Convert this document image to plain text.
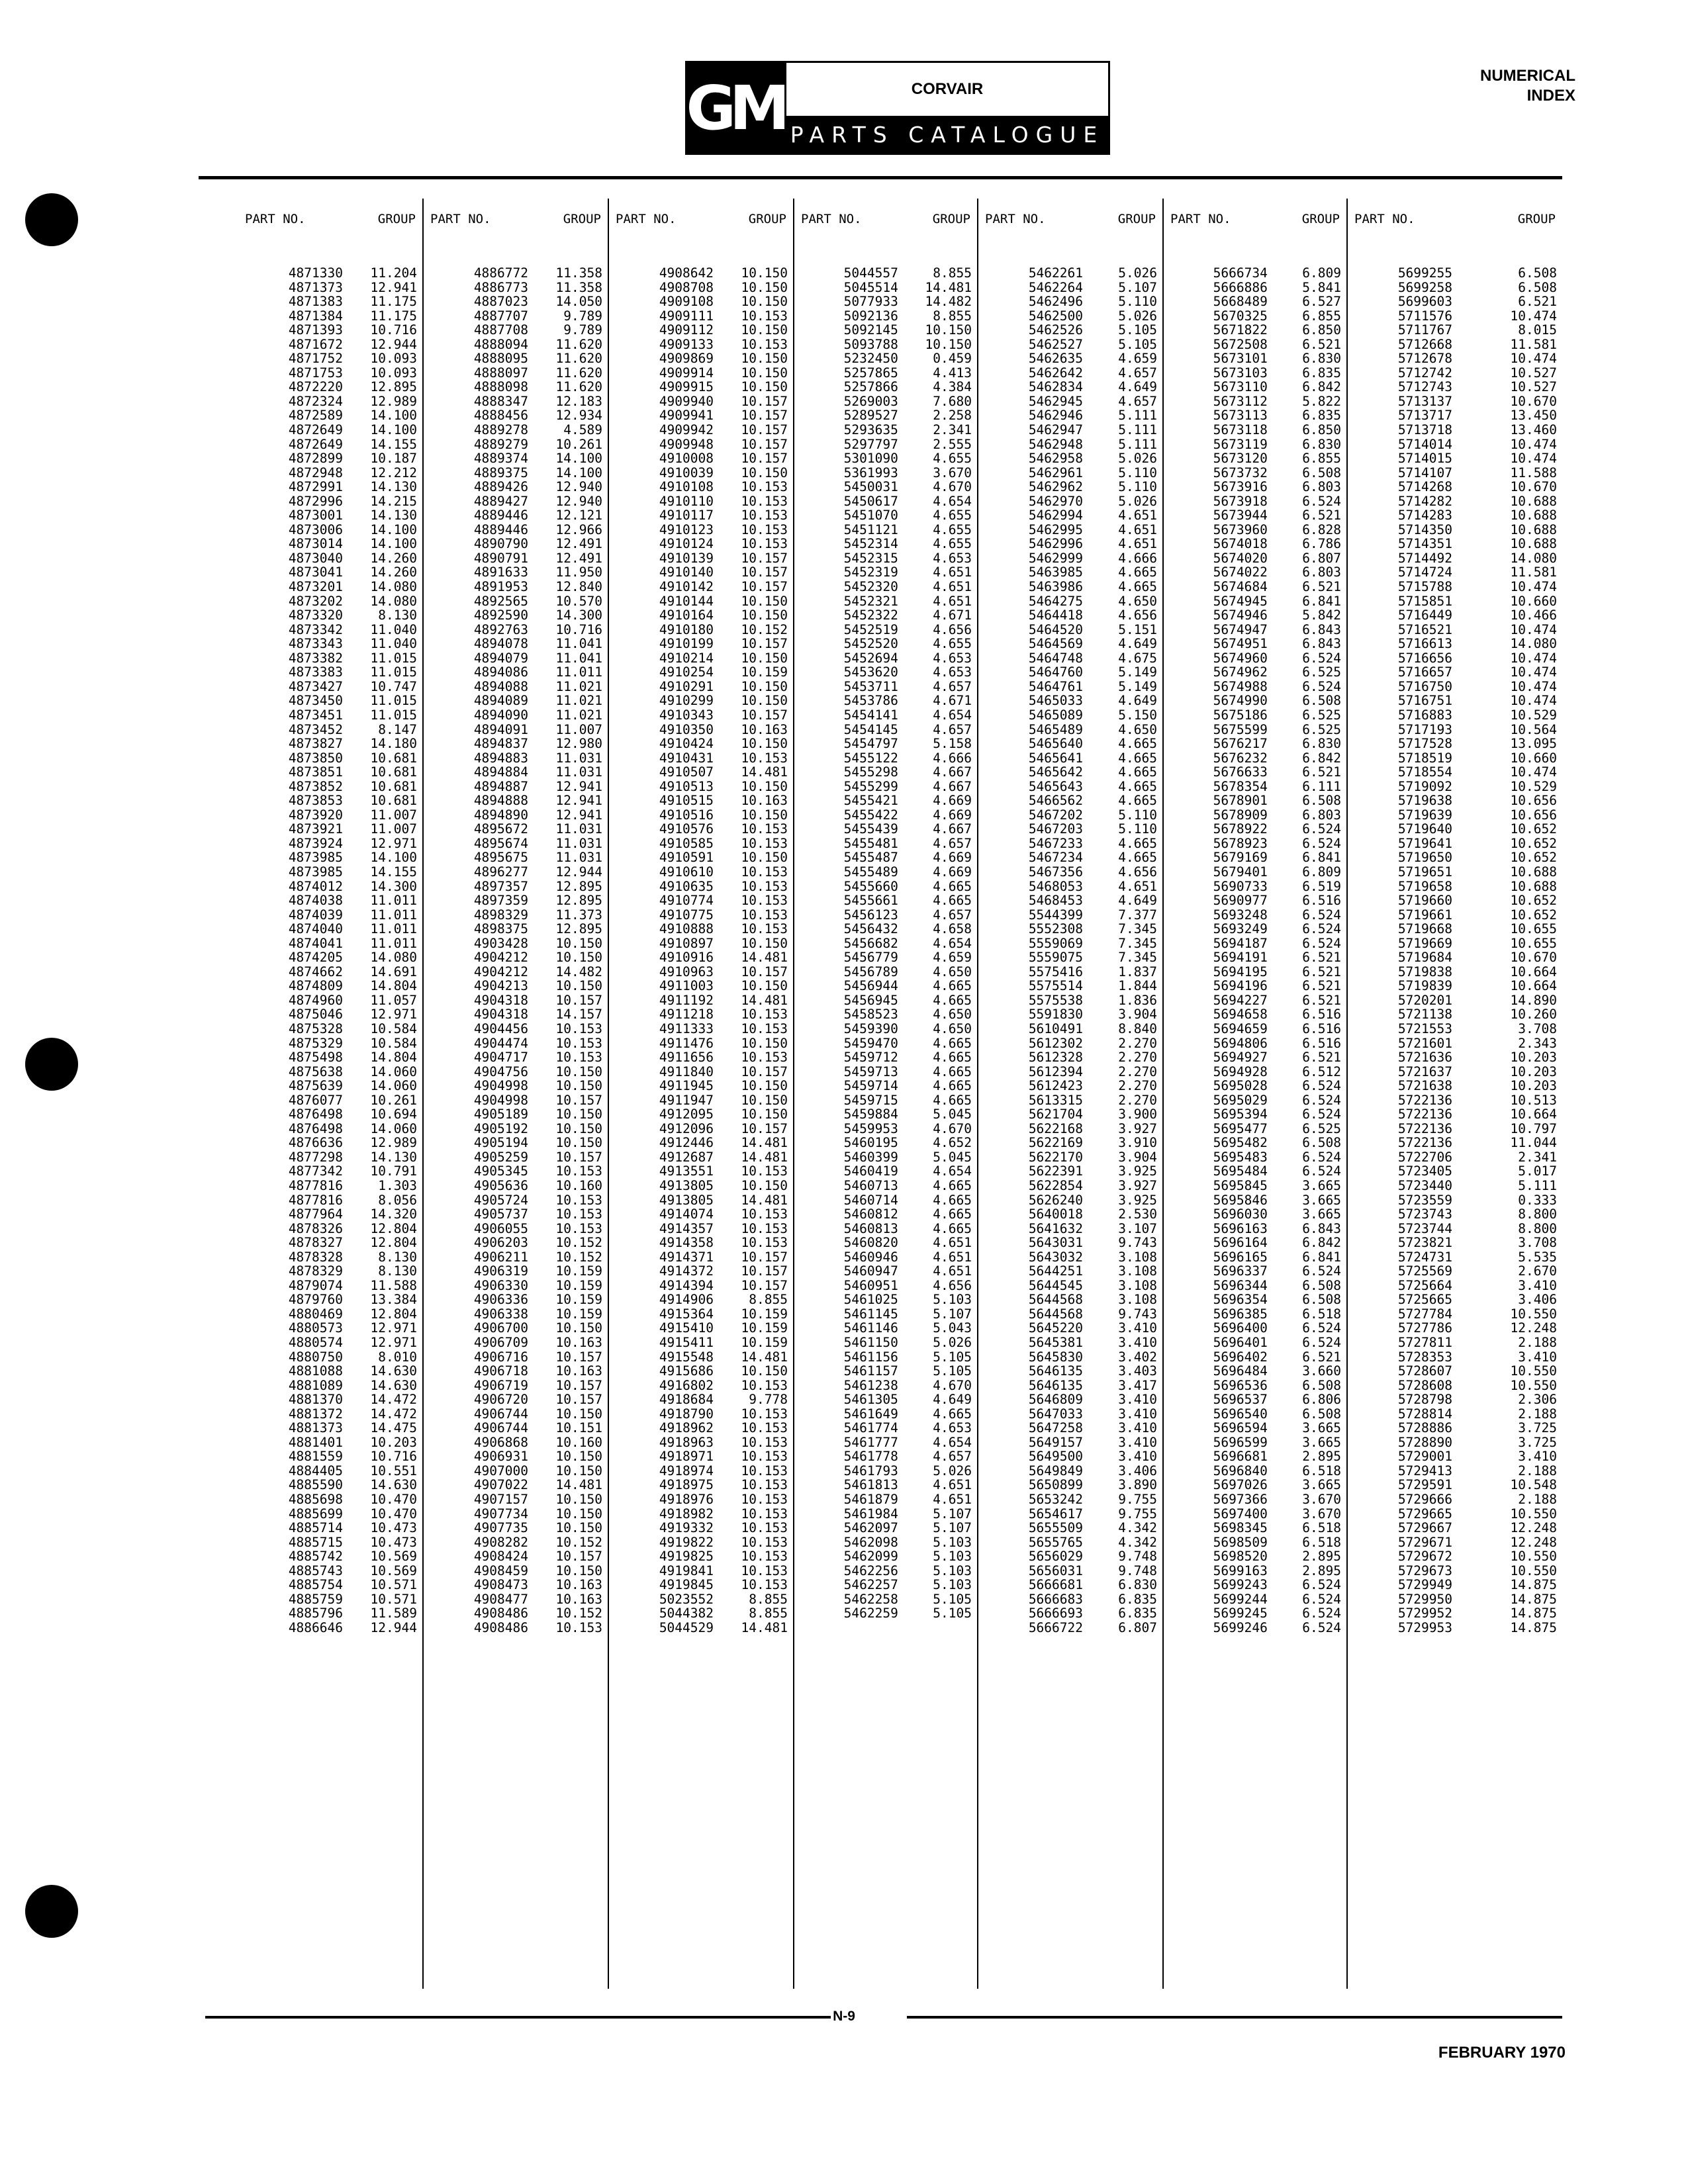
GM	CORVAIR
PARTS CATALOGUE
NUMERICAL
INDEX
PART NO.	GROUP
4871330	11.204
4871373	12.941
4871383	11.175
4871384	11.175
4871393	10.716
4871672	12.944
4871752	10.093
4871753	10.093
4872220	12.895
4872324	12.989
4872589	14.100
4872649	14.100
4872649	14.155
4872899	10.187
4872948	12.212
4872991	14.130
4872996	14.215
4873001	14.130
4873006	14.100
4873014	14.100
4873040	14.260
4873041	14.260
4873201	14.080
4873202	14.080
4873320	8.130
4873342	11.040
4873343	11.040
4873382	11.015
4873383	11.015
4873427	10.747
4873450	11.015
4873451	11.015
4873452	8.147
4873827	14.180
4873850	10.681
4873851	10.681
4873852	10.681
4873853	10.681
4873920	11.007
4873921	11.007
4873924	12.971
4873985	14.100
4873985	14.155
4874012	14.300
4874038	11.011
4874039	11.011
4874040	11.011
4874041	11.011
4874205	14.080
4874662	14.691
4874809	14.804
4874960	11.057
4875046	12.971
4875328	10.584
4875329	10.584
4875498	14.804
4875638	14.060
4875639	14.060
4876077	10.261
4876498	10.694
4876498	14.060
4876636	12.989
4877298	14.130
4877342	10.791
4877816	1.303
4877816	8.056
4877964	14.320
4878326	12.804
4878327	12.804
4878328	8.130
4878329	8.130
4879074	11.588
4879760	13.384
4880469	12.804
4880573	12.971
4880574	12.971
4880750	8.010
4881088	14.630
4881089	14.630
4881370	14.472
4881372	14.472
4881373	14.475
4881401	10.203
4881559	10.716
4884405	10.551
4885590	14.630
4885698	10.470
4885699	10.470
4885714	10.473
4885715	10.473
4885742	10.569
4885743	10.569
4885754	10.571
4885759	10.571
4885796	11.589
4886646	12.944
PART NO.	GROUP
4886772	11.358
4886773	11.358
4887023	14.050
4887707	9.789
4887708	9.789
4888094	11.620
4888095	11.620
4888097	11.620
4888098	11.620
4888347	12.183
4888456	12.934
4889278	4.589
4889279	10.261
4889374	14.100
4889375	14.100
4889426	12.940
4889427	12.940
4889446	12.121
4889446	12.966
4890790	12.491
4890791	12.491
4891633	11.950
4891953	12.840
4892565	10.570
4892590	14.300
4892763	10.716
4894078	11.041
4894079	11.041
4894086	11.011
4894088	11.021
4894089	11.021
4894090	11.021
4894091	11.007
4894837	12.980
4894883	11.031
4894884	11.031
4894887	12.941
4894888	12.941
4894890	12.941
4895672	11.031
4895674	11.031
4895675	11.031
4896277	12.944
4897357	12.895
4897359	12.895
4898329	11.373
4898375	12.895
4903428	10.150
4904212	10.150
4904212	14.482
4904213	10.150
4904318	10.157
4904318	14.157
4904456	10.153
4904474	10.153
4904717	10.153
4904756	10.150
4904998	10.150
4904998	10.157
4905189	10.150
4905192	10.150
4905194	10.150
4905259	10.157
4905345	10.153
4905636	10.160
4905724	10.153
4905737	10.153
4906055	10.153
4906203	10.152
4906211	10.152
4906319	10.159
4906330	10.159
4906336	10.159
4906338	10.159
4906700	10.150
4906709	10.163
4906716	10.157
4906718	10.163
4906719	10.157
4906720	10.157
4906744	10.150
4906744	10.151
4906868	10.160
4906931	10.150
4907000	10.150
4907022	14.481
4907157	10.150
4907734	10.150
4907735	10.150
4908282	10.152
4908424	10.157
4908459	10.150
4908473	10.163
4908477	10.163
4908486	10.152
4908486	10.153
PART NO.	GROUP
4908642	10.150
4908708	10.150
4909108	10.150
4909111	10.153
4909112	10.150
4909133	10.153
4909869	10.150
4909914	10.150
4909915	10.150
4909940	10.157
4909941	10.157
4909942	10.157
4909948	10.157
4910008	10.157
4910039	10.150
4910108	10.153
4910110	10.153
4910117	10.153
4910123	10.153
4910124	10.153
4910139	10.157
4910140	10.157
4910142	10.157
4910144	10.150
4910164	10.150
4910180	10.152
4910199	10.157
4910214	10.150
4910254	10.159
4910291	10.150
4910299	10.150
4910343	10.157
4910350	10.163
4910424	10.150
4910431	10.153
4910507	14.481
4910513	10.150
4910515	10.163
4910516	10.150
4910576	10.153
4910585	10.153
4910591	10.150
4910610	10.153
4910635	10.153
4910774	10.153
4910775	10.153
4910888	10.153
4910897	10.150
4910916	14.481
4910963	10.157
4911003	10.150
4911192	14.481
4911218	10.153
4911333	10.153
4911476	10.150
4911656	10.153
4911840	10.157
4911945	10.150
4911947	10.150
4912095	10.150
4912096	10.157
4912446	14.481
4912687	14.481
4913551	10.153
4913805	10.150
4913805	14.481
4914074	10.153
4914357	10.153
4914358	10.153
4914371	10.157
4914372	10.157
4914394	10.157
4914906	8.855
4915364	10.159
4915410	10.159
4915411	10.159
4915548	14.481
4915686	10.150
4916802	10.153
4918684	9.778
4918790	10.153
4918962	10.153
4918963	10.153
4918971	10.153
4918974	10.153
4918975	10.153
4918976	10.153
4918982	10.153
4919332	10.153
4919822	10.153
4919825	10.153
4919841	10.153
4919845	10.153
5023552	8.855
5044382	8.855
5044529	14.481
PART NO.	GROUP
5044557	8.855
5045514	14.481
5077933	14.482
5092136	8.855
5092145	10.150
5093788	10.150
5232450	0.459
5257865	4.413
5257866	4.384
5269003	7.680
5289527	2.258
5293635	2.341
5297797	2.555
5301090	4.655
5361993	3.670
5450031	4.670
5450617	4.654
5451070	4.655
5451121	4.655
5452314	4.655
5452315	4.653
5452319	4.651
5452320	4.651
5452321	4.651
5452322	4.671
5452519	4.656
5452520	4.655
5452694	4.653
5453620	4.653
5453711	4.657
5453786	4.671
5454141	4.654
5454145	4.657
5454797	5.158
5455122	4.666
5455298	4.667
5455299	4.667
5455421	4.669
5455422	4.669
5455439	4.667
5455481	4.657
5455487	4.669
5455489	4.669
5455660	4.665
5455661	4.665
5456123	4.657
5456432	4.658
5456682	4.654
5456779	4.659
5456789	4.650
5456944	4.665
5456945	4.665
5458523	4.650
5459390	4.650
5459470	4.665
5459712	4.665
5459713	4.665
5459714	4.665
5459715	4.665
5459884	5.045
5459953	4.670
5460195	4.652
5460399	5.045
5460419	4.654
5460713	4.665
5460714	4.665
5460812	4.665
5460813	4.665
5460820	4.651
5460946	4.651
5460947	4.651
5460951	4.656
5461025	5.103
5461145	5.107
5461146	5.043
5461150	5.026
5461156	5.105
5461157	5.105
5461238	4.670
5461305	4.649
5461649	4.665
5461774	4.653
5461777	4.654
5461778	4.657
5461793	5.026
5461813	4.651
5461879	4.651
5461984	5.107
5462097	5.107
5462098	5.103
5462099	5.103
5462256	5.103
5462257	5.103
5462258	5.105
5462259	5.105
PART NO.	GROUP
5462261	5.026
5462264	5.107
5462496	5.110
5462500	5.026
5462526	5.105
5462527	5.105
5462635	4.659
5462642	4.657
5462834	4.649
5462945	4.657
5462946	5.111
5462947	5.111
5462948	5.111
5462958	5.026
5462961	5.110
5462962	5.110
5462970	5.026
5462994	4.651
5462995	4.651
5462996	4.651
5462999	4.666
5463985	4.665
5463986	4.665
5464275	4.650
5464418	4.656
5464520	5.151
5464569	4.649
5464748	4.675
5464760	5.149
5464761	5.149
5465033	4.649
5465089	5.150
5465489	4.650
5465640	4.665
5465641	4.665
5465642	4.665
5465643	4.665
5466562	4.665
5467202	5.110
5467203	5.110
5467233	4.665
5467234	4.665
5467356	4.656
5468053	4.651
5468453	4.649
5544399	7.377
5552308	7.345
5559069	7.345
5559075	7.345
5575416	1.837
5575514	1.844
5575538	1.836
5591830	3.904
5610491	8.840
5612302	2.270
5612328	2.270
5612394	2.270
5612423	2.270
5613315	2.270
5621704	3.900
5622168	3.927
5622169	3.910
5622170	3.904
5622391	3.925
5622854	3.927
5626240	3.925
5640018	2.530
5641632	3.107
5643031	9.743
5643032	3.108
5644251	3.108
5644545	3.108
5644568	3.108
5644568	9.743
5645220	3.410
5645381	3.410
5645830	3.402
5646135	3.403
5646135	3.417
5646809	3.410
5647033	3.410
5647258	3.410
5649157	3.410
5649500	3.410
5649849	3.406
5650899	3.890
5653242	9.755
5654617	9.755
5655509	4.342
5655765	4.342
5656029	9.748
5656031	9.748
5666681	6.830
5666683	6.835
5666693	6.835
5666722	6.807
PART NO.	GROUP
5666734	6.809
5666886	5.841
5668489	6.527
5670325	6.855
5671822	6.850
5672508	6.521
5673101	6.830
5673103	6.835
5673110	6.842
5673112	5.822
5673113	6.835
5673118	6.850
5673119	6.830
5673120	6.855
5673732	6.508
5673916	6.803
5673918	6.524
5673944	6.521
5673960	6.828
5674018	6.786
5674020	6.807
5674022	6.803
5674684	6.521
5674945	6.841
5674946	5.842
5674947	6.843
5674951	6.843
5674960	6.524
5674962	6.525
5674988	6.524
5674990	6.508
5675186	6.525
5675599	6.525
5676217	6.830
5676232	6.842
5676633	6.521
5678354	6.111
5678901	6.508
5678909	6.803
5678922	6.524
5678923	6.524
5679169	6.841
5679401	6.809
5690733	6.519
5690977	6.516
5693248	6.524
5693249	6.524
5694187	6.524
5694191	6.521
5694195	6.521
5694196	6.521
5694227	6.521
5694658	6.516
5694659	6.516
5694806	6.516
5694927	6.521
5694928	6.512
5695028	6.524
5695029	6.524
5695394	6.524
5695477	6.525
5695482	6.508
5695483	6.524
5695484	6.524
5695845	3.665
5695846	3.665
5696030	3.665
5696163	6.843
5696164	6.842
5696165	6.841
5696337	6.524
5696344	6.508
5696354	6.508
5696385	6.518
5696400	6.524
5696401	6.524
5696402	6.521
5696484	3.660
5696536	6.508
5696537	6.806
5696540	6.508
5696594	3.665
5696599	3.665
5696681	2.895
5696840	6.518
5697026	3.665
5697366	3.670
5697400	3.670
5698345	6.518
5698509	6.518
5698520	2.895
5699163	2.895
5699243	6.524
5699244	6.524
5699245	6.524
5699246	6.524
PART NO.	GROUP
5699255	6.508
5699258	6.508
5699603	6.521
5711576	10.474
5711767	8.015
5712668	11.581
5712678	10.474
5712742	10.527
5712743	10.527
5713137	10.670
5713717	13.450
5713718	13.460
5714014	10.474
5714015	10.474
5714107	11.588
5714268	10.670
5714282	10.688
5714283	10.688
5714350	10.688
5714351	10.688
5714492	14.080
5714724	11.581
5715788	10.474
5715851	10.660
5716449	10.466
5716521	10.474
5716613	14.080
5716656	10.474
5716657	10.474
5716750	10.474
5716751	10.474
5716883	10.529
5717193	10.564
5717528	13.095
5718519	10.660
5718554	10.474
5719092	10.529
5719638	10.656
5719639	10.656
5719640	10.652
5719641	10.652
5719650	10.652
5719651	10.688
5719658	10.688
5719660	10.652
5719661	10.652
5719668	10.655
5719669	10.655
5719684	10.670
5719838	10.664
5719839	10.664
5720201	14.890
5721138	10.260
5721553	3.708
5721601	2.343
5721636	10.203
5721637	10.203
5721638	10.203
5722136	10.513
5722136	10.664
5722136	10.797
5722136	11.044
5722706	2.341
5723405	5.017
5723440	5.111
5723559	0.333
5723743	8.800
5723744	8.800
5723821	3.708
5724731	5.535
5725569	2.670
5725664	3.410
5725665	3.406
5727784	10.550
5727786	12.248
5727811	2.188
5728353	3.410
5728607	10.550
5728608	10.550
5728798	2.306
5728814	2.188
5728886	3.725
5728890	3.725
5729001	3.410
5729413	2.188
5729591	10.548
5729666	2.188
5729665	10.550
5729667	12.248
5729671	12.248
5729672	10.550
5729673	10.550
5729949	14.875
5729950	14.875
5729952	14.875
5729953	14.875
N-9
FEBRUARY 1970
